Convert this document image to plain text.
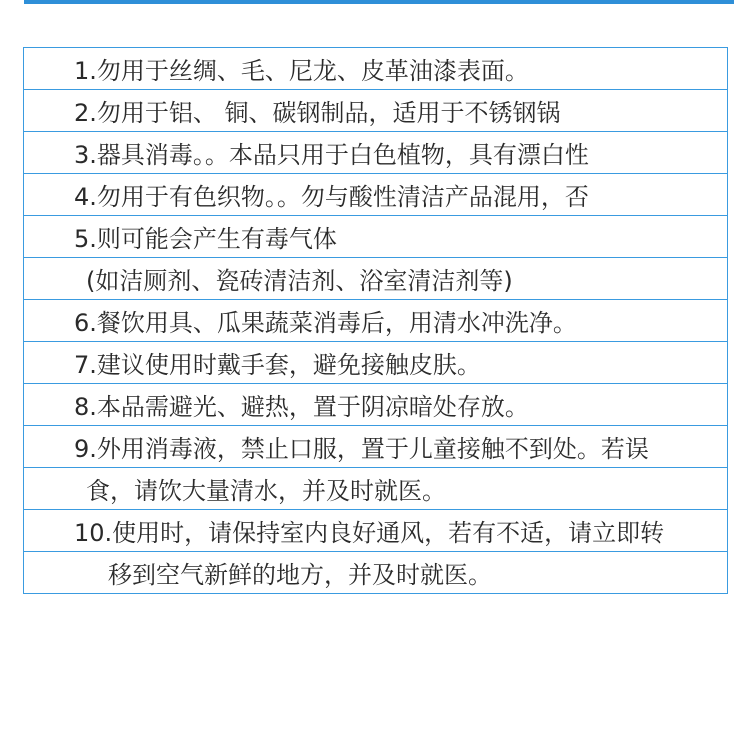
1.勿用于丝绸、毛、尼龙、皮革油漆表面。
2.勿用于铝、 铜、碳钢制品，适用于不锈钢锅
3.器具消毒。。本品只用于白色植物，具有漂白性
4.勿用于有色织物。。勿与酸性清洁产品混用，否
5.则可能会产生有毒气体
(如洁厕剂、瓷砖清洁剂、浴室清洁剂等)
6.餐饮用具、瓜果蔬菜消毒后，用清水冲洗净。
7.建议使用时戴手套，避免接触皮肤。
8.本品需避光、避热，置于阴凉暗处存放。
9.外用消毒液，禁止口服，置于儿童接触不到处。若误
食，请饮大量清水，并及时就医。
10.使用时，请保持室内良好通风，若有不适，请立即转
移到空气新鲜的地方，并及时就医。
